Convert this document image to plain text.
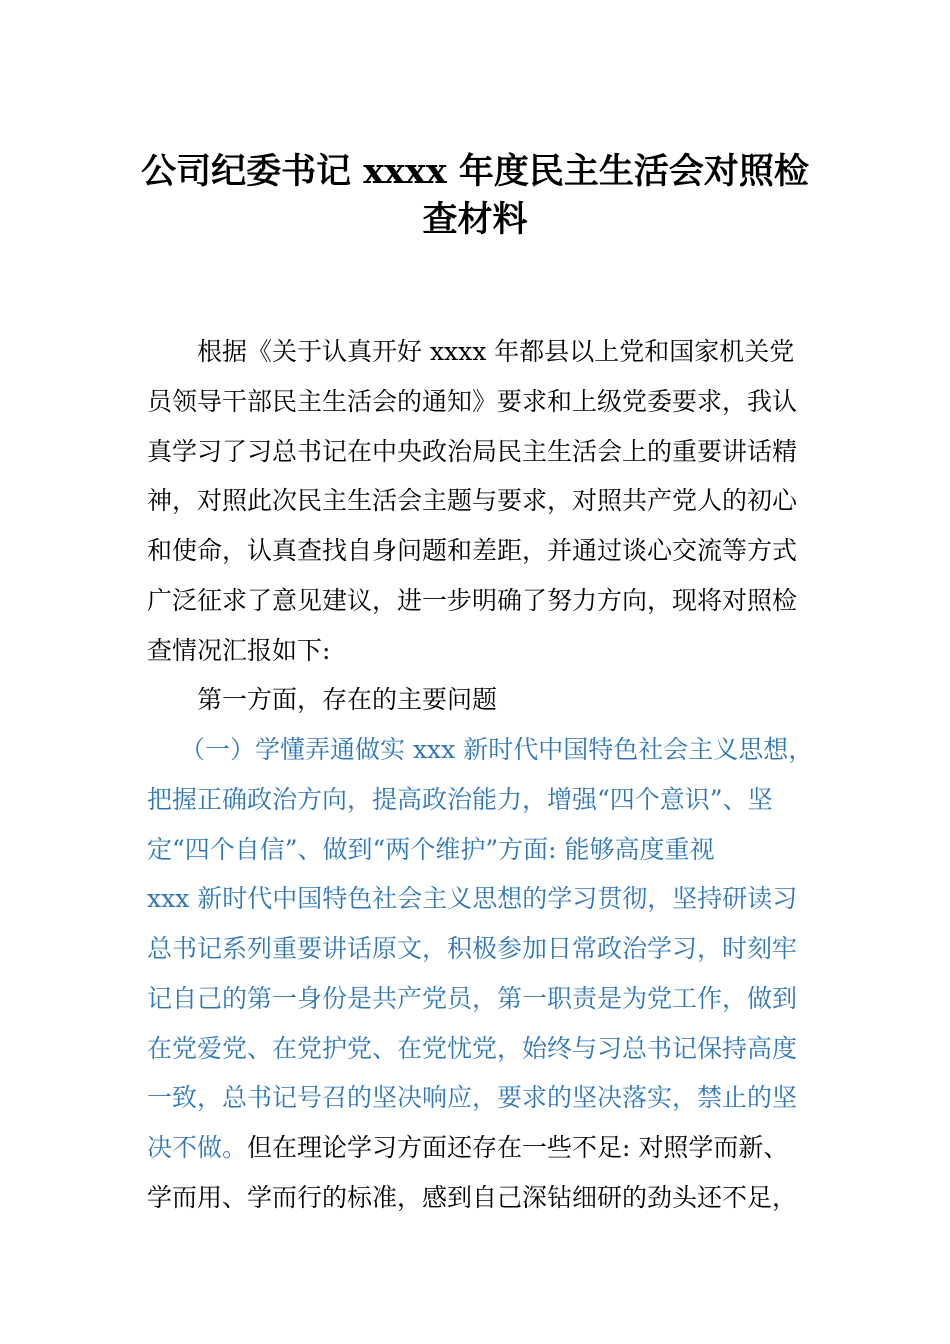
公司纪委书记 xxxx 年度民主生活会对照检
查材料
根据《关于认真开好 xxxx 年都县以上党和国家机关党
员领导干部民主生活会的通知》要求和上级党委要求，我认
真学习了习总书记在中央政治局民主生活会上的重要讲话精
神，对照此次民主生活会主题与要求，对照共产党人的初心
和使命，认真查找自身问题和差距，并通过谈心交流等方式
广泛征求了意见建议，进一步明确了努力方向，现将对照检
查情况汇报如下:
第一方面，存在的主要问题
（一）学懂弄通做实 xxx 新时代中国特色社会主义思想，
把握正确政治方向，提高政治能力，增强“四个意识”、坚
定“四个自信”、做到“两个维护”方面: 能够高度重视
xxx 新时代中国特色社会主义思想的学习贯彻，坚持研读习
总书记系列重要讲话原文，积极参加日常政治学习，时刻牢
记自己的第一身份是共产党员，第一职责是为党工作，做到
在党爱党、在党护党、在党忧党，始终与习总书记保持高度
一致，总书记号召的坚决响应，要求的坚决落实，禁止的坚
决不做。但在理论学习方面还存在一些不足: 对照学而新、
学而用、学而行的标准，感到自己深钻细研的劲头还不足，
